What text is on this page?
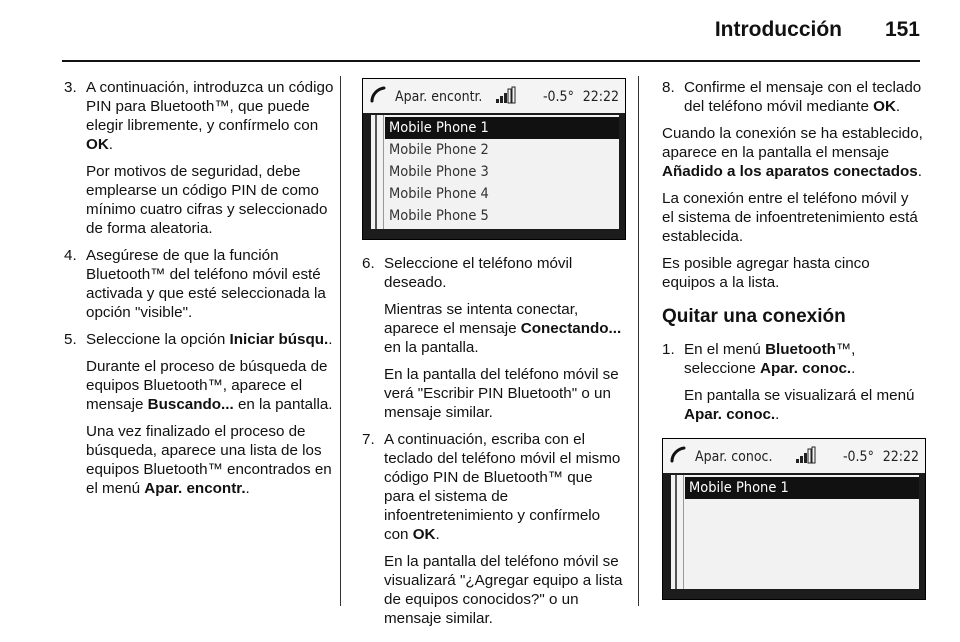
Introducción 151
3. A continuación, introduzca un código PIN para Bluetooth™, que puede elegir libremente, y confírmelo con OK.

Por motivos de seguridad, debe emplearse un código PIN de como mínimo cuatro cifras y seleccionado de forma aleatoria.

4. Asegúrese de que la función Bluetooth™ del teléfono móvil esté activada y que esté seleccionada la opción "visible".

5. Seleccione la opción Iniciar búsqu..

Durante el proceso de búsqueda de equipos Bluetooth™, aparece el mensaje Buscando... en la pantalla.

Una vez finalizado el proceso de búsqueda, aparece una lista de los equipos Bluetooth™ encontrados en el menú Apar. encontr..

Apar. encontr.	-0.5° 22:22
Mobile Phone 1
Mobile Phone 2
Mobile Phone 3
Mobile Phone 4
Mobile Phone 5
6. Seleccione el teléfono móvil deseado.

Mientras se intenta conectar, aparece el mensaje Conectando... en la pantalla.

En la pantalla del teléfono móvil se verá "Escribir PIN Bluetooth" o un mensaje similar.

7. A continuación, escriba con el teclado del teléfono móvil el mismo código PIN de Bluetooth™ que para el sistema de infoentretenimiento y confírmelo con OK.

En la pantalla del teléfono móvil se visualizará "¿Agregar equipo a lista de equipos conocidos?" o un mensaje similar.

8. Confirme el mensaje con el teclado del teléfono móvil mediante OK.

Cuando la conexión se ha establecido, aparece en la pantalla el mensaje Añadido a los aparatos conectados.

La conexión entre el teléfono móvil y el sistema de infoentretenimiento está establecida.

Es posible agregar hasta cinco equipos a la lista.

Quitar una conexión
1. En el menú Bluetooth™, seleccione Apar. conoc..

En pantalla se visualizará el menú Apar. conoc..

Apar. conoc.	-0.5° 22:22
Mobile Phone 1
